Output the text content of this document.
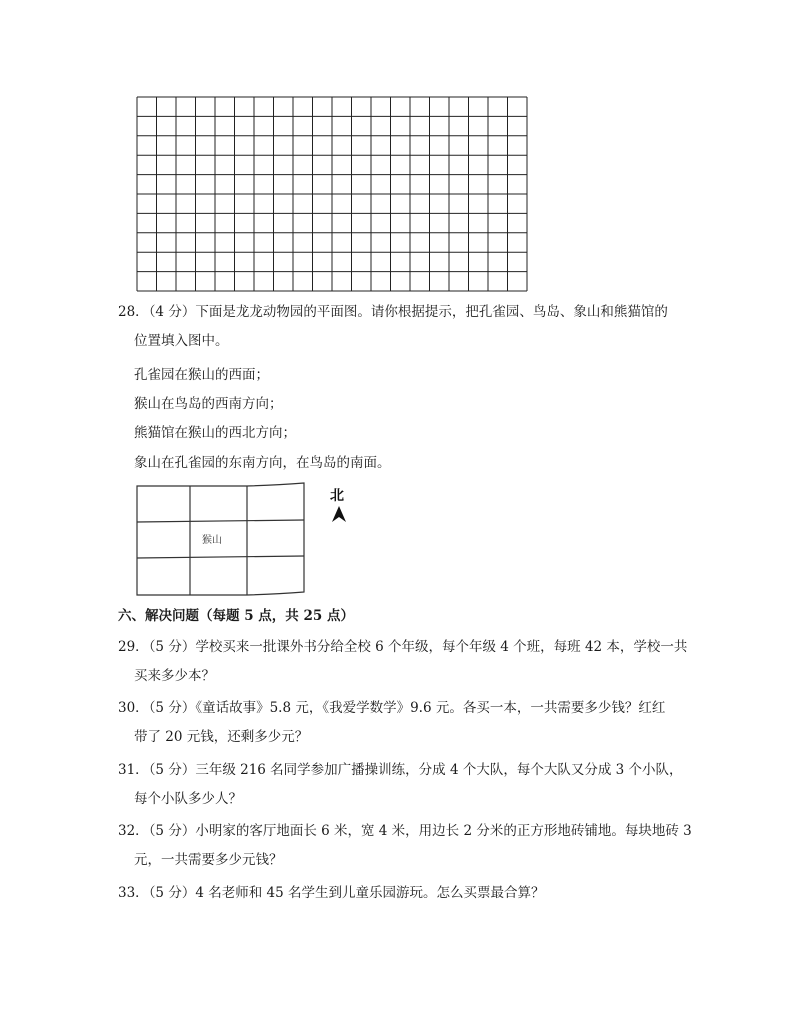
28．（4 分）下面是龙龙动物园的平面图。请你根据提示，把孔雀园、鸟岛、象山和熊猫馆的
位置填入图中。
孔雀园在猴山的西面；
猴山在鸟岛的西南方向；
熊猫馆在猴山的西北方向；
象山在孔雀园的东南方向，在鸟岛的南面。
猴山
北
六、解决问题（每题 5 点，共 25 点）
29．（5 分）学校买来一批课外书分给全校 6 个年级，每个年级 4 个班，每班 42 本，学校一共
买来多少本？
30．（5 分）《童话故事》5.8 元，《我爱学数学》9.6 元。各买一本，一共需要多少钱？红红
带了 20 元钱，还剩多少元？
31．（5 分）三年级 216 名同学参加广播操训练，分成 4 个大队，每个大队又分成 3 个小队，
每个小队多少人？
32．（5 分）小明家的客厅地面长 6 米，宽 4 米，用边长 2 分米的正方形地砖铺地。每块地砖 3
元，一共需要多少元钱？
33．（5 分）4 名老师和 45 名学生到儿童乐园游玩。怎么买票最合算？
